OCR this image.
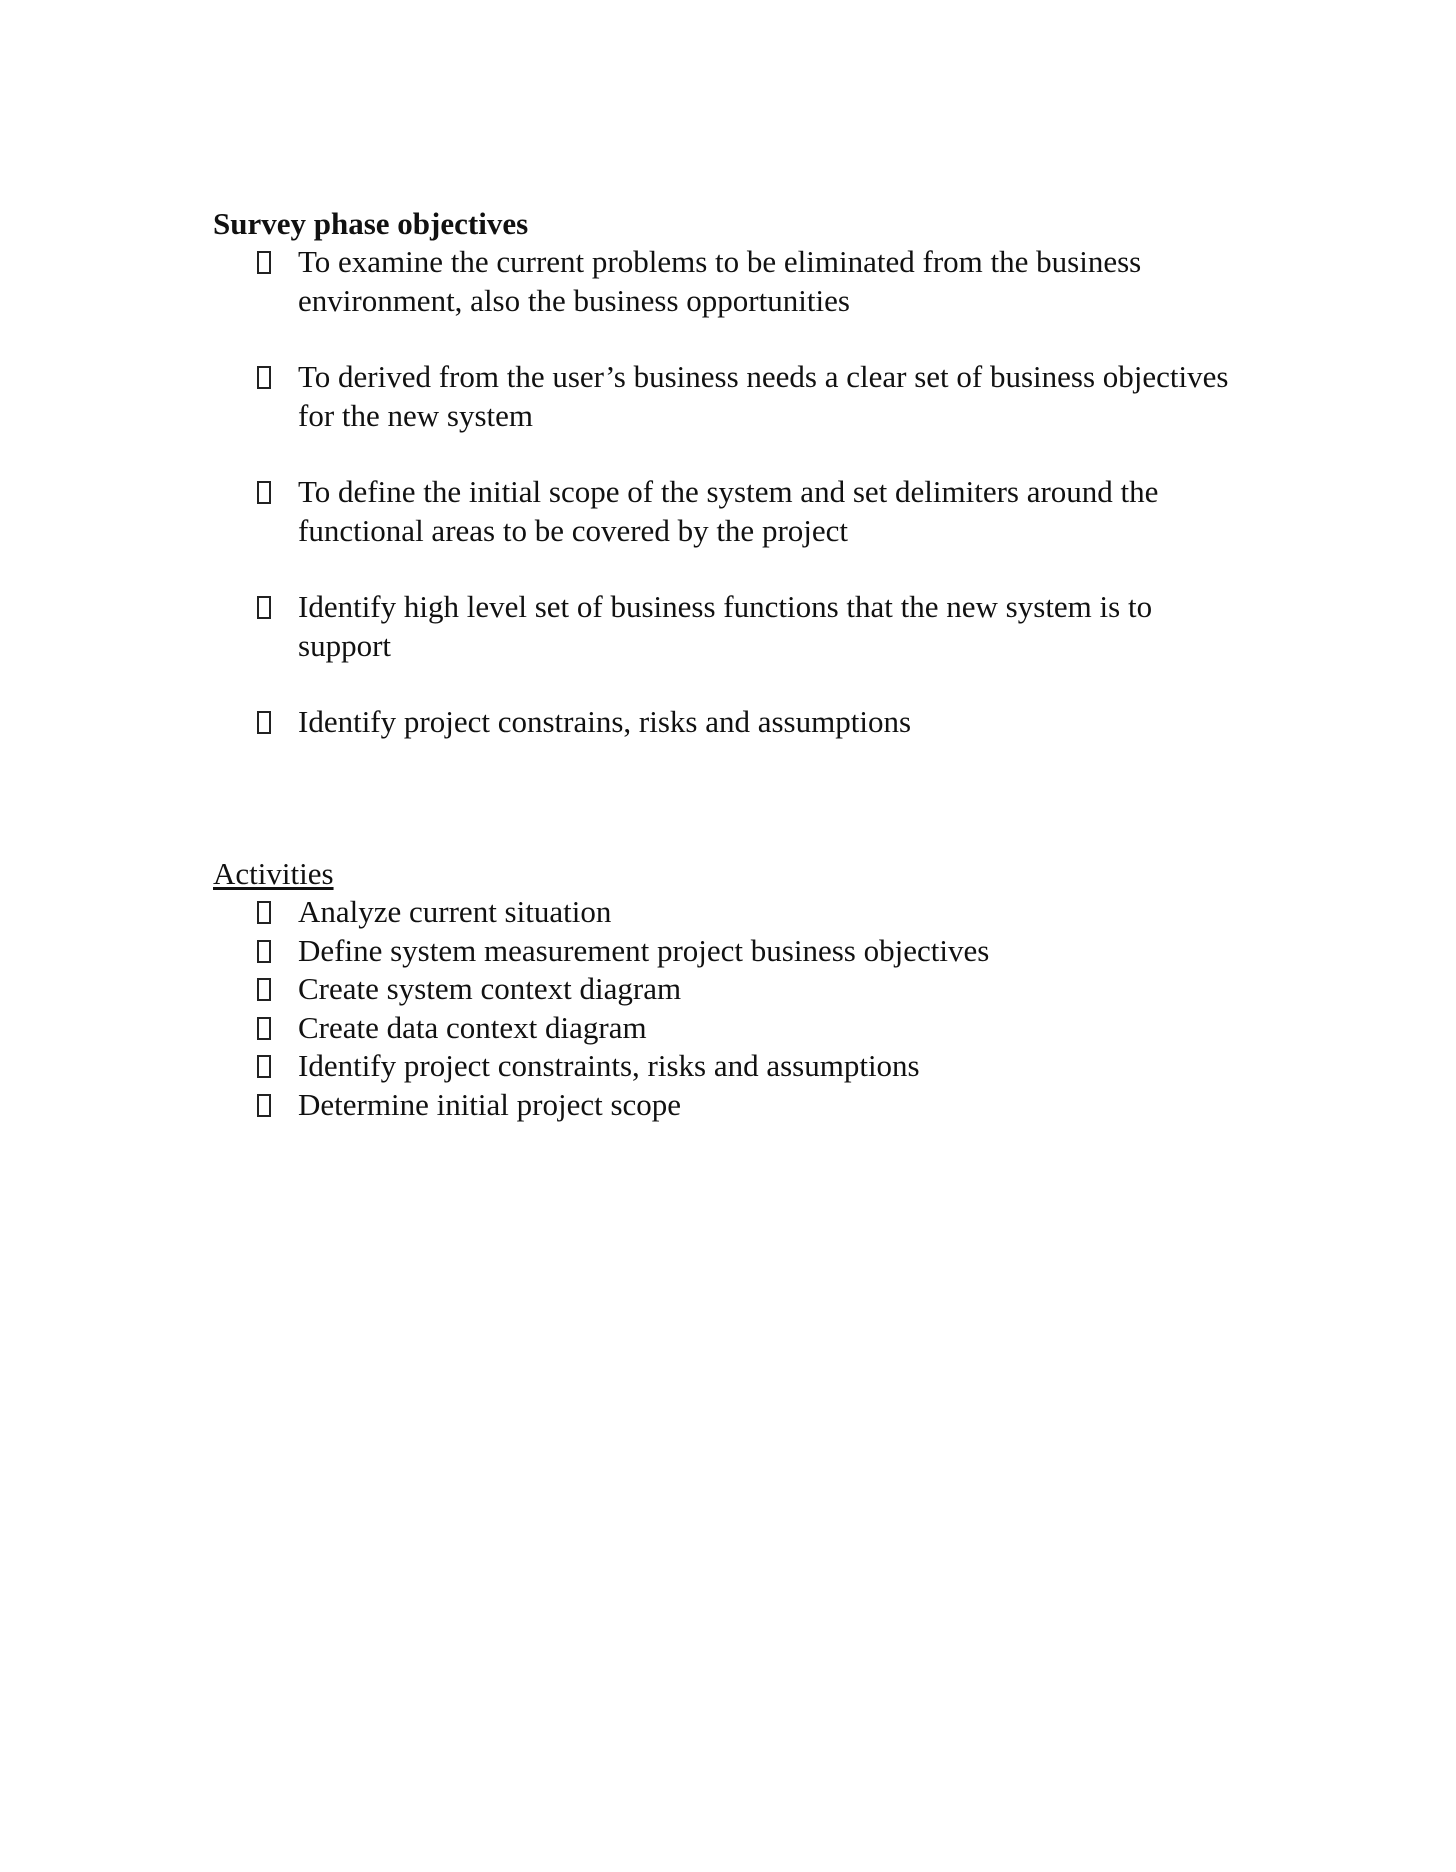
Survey phase objectives

To examine the current problems to be eliminated from the business environment, also the business opportunities
To derived from the user’s business needs a clear set of business objectives for the new system
To define the initial scope of the system and set delimiters around the functional areas to be covered by the project
Identify high level set of business functions that the new system is to support
Identify project constrains, risks and assumptions

Activities

Analyze current situation
Define system measurement project business objectives
Create system context diagram
Create data context diagram
Identify project constraints, risks and assumptions
Determine initial project scope
